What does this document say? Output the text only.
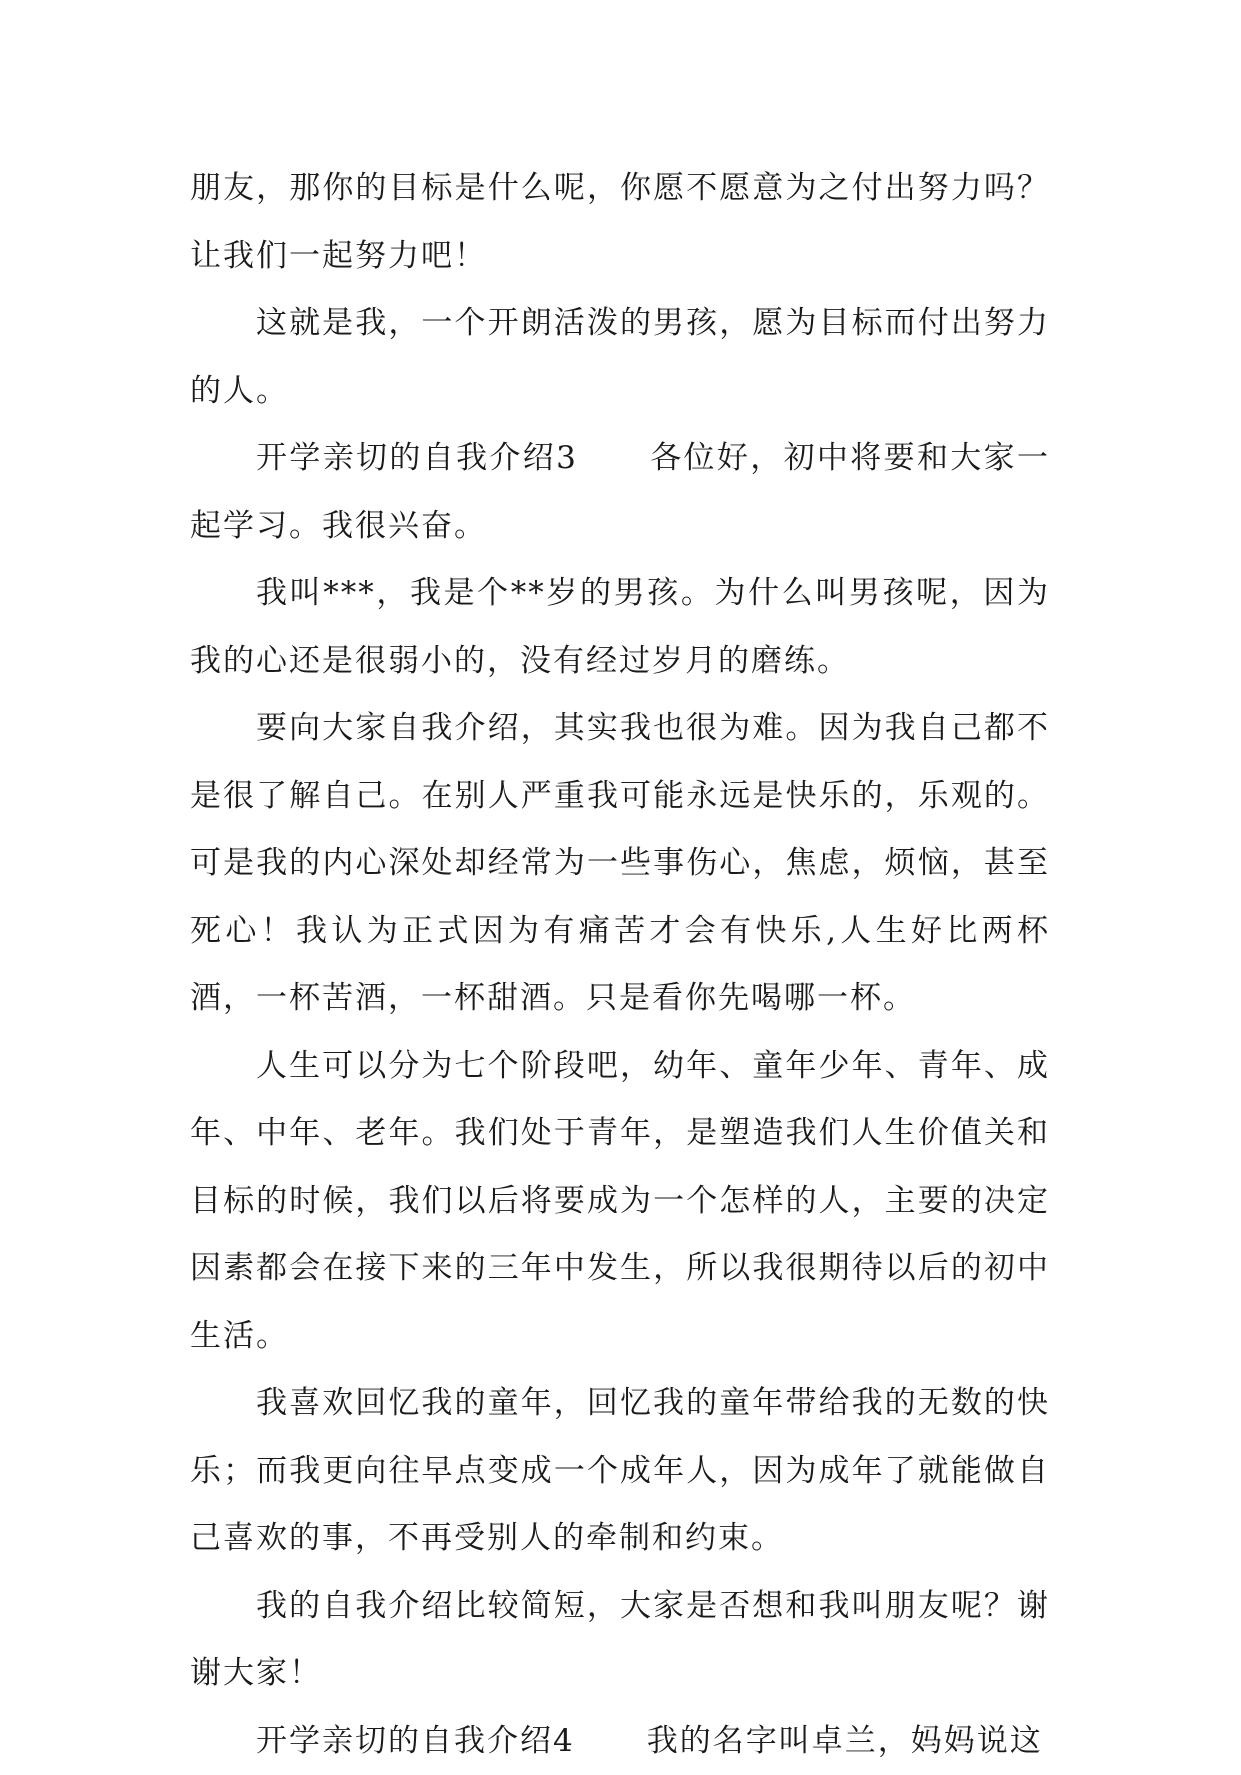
朋友，那你的目标是什么呢，你愿不愿意为之付出努力吗？让我们一起努力吧！

这就是我，一个开朗活泼的男孩，愿为目标而付出努力的人。

开学亲切的自我介绍3 各位好，初中将要和大家一起学习。我很兴奋。

我叫***，我是个**岁的男孩。为什么叫男孩呢，因为我的心还是很弱小的，没有经过岁月的磨练。

要向大家自我介绍，其实我也很为难。因为我自己都不是很了解自己。在别人严重我可能永远是快乐的，乐观的。可是我的内心深处却经常为一些事伤心，焦虑，烦恼，甚至死心！我认为正式因为有痛苦才会有快乐,人生好比两杯酒，一杯苦酒，一杯甜酒。只是看你先喝哪一杯。

人生可以分为七个阶段吧，幼年、童年少年、青年、成年、中年、老年。我们处于青年，是塑造我们人生价值关和目标的时候，我们以后将要成为一个怎样的人，主要的决定因素都会在接下来的三年中发生，所以我很期待以后的初中生活。

我喜欢回忆我的童年，回忆我的童年带给我的无数的快乐；而我更向往早点变成一个成年人，因为成年了就能做自己喜欢的事，不再受别人的牵制和约束。

我的自我介绍比较简短，大家是否想和我叫朋友呢？谢谢大家！

开学亲切的自我介绍4 我的名字叫卓兰，妈妈说这
